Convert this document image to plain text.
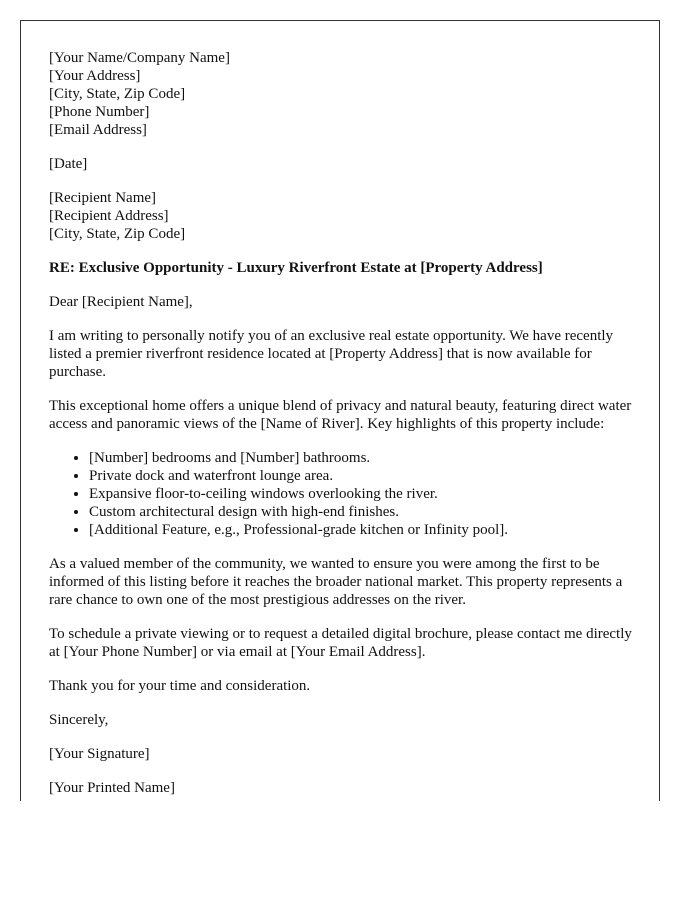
[Your Name/Company Name]
[Your Address]
[City, State, Zip Code]
[Phone Number]
[Email Address]
[Date]
[Recipient Name]
[Recipient Address]
[City, State, Zip Code]

RE: Exclusive Opportunity - Luxury Riverfront Estate at [Property Address]

Dear [Recipient Name],

I am writing to personally notify you of an exclusive real estate opportunity. We have recently listed a premier riverfront residence located at [Property Address] that is now available for purchase.

This exceptional home offers a unique blend of privacy and natural beauty, featuring direct water access and panoramic views of the [Name of River]. Key highlights of this property include:

• [Number] bedrooms and [Number] bathrooms.
• Private dock and waterfront lounge area.
• Expansive floor-to-ceiling windows overlooking the river.
• Custom architectural design with high-end finishes.
• [Additional Feature, e.g., Professional-grade kitchen or Infinity pool].

As a valued member of the community, we wanted to ensure you were among the first to be informed of this listing before it reaches the broader national market. This property represents a rare chance to own one of the most prestigious addresses on the river.

To schedule a private viewing or to request a detailed digital brochure, please contact me directly at [Your Phone Number] or via email at [Your Email Address].

Thank you for your time and consideration.

Sincerely,

[Your Signature]

[Your Printed Name]
